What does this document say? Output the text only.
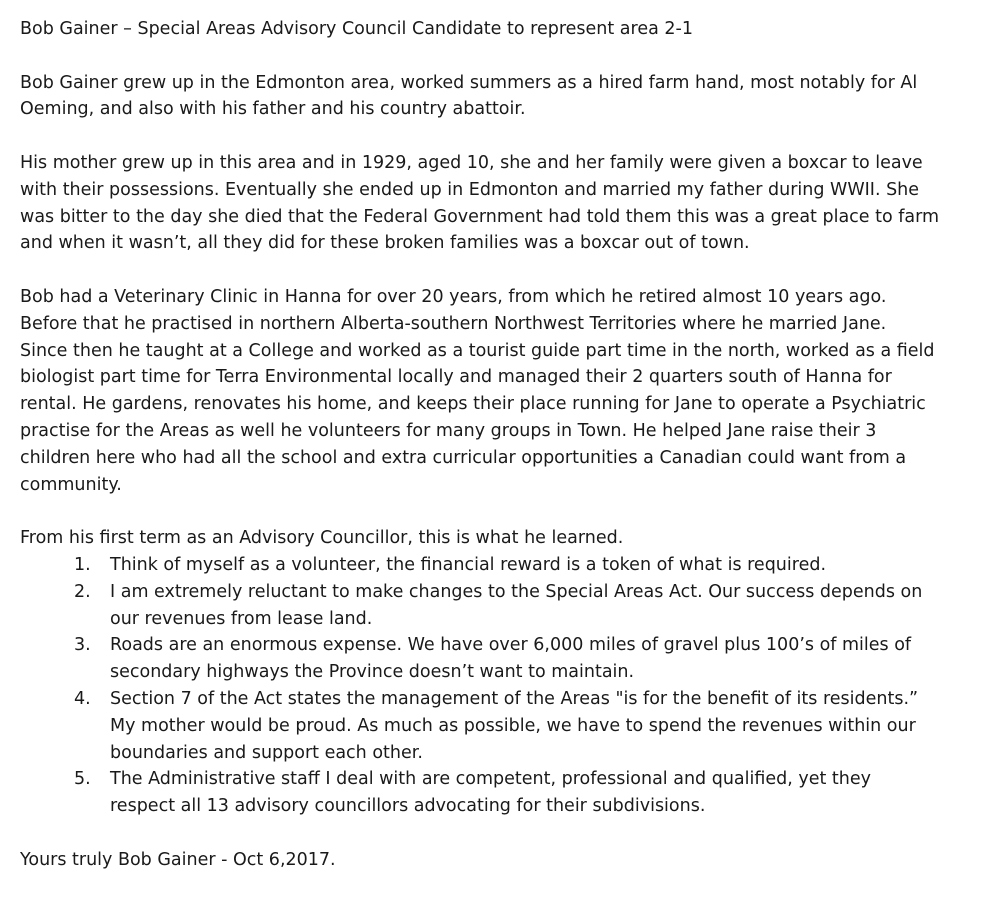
Bob Gainer – Special Areas Advisory Council Candidate to represent area 2-1

Bob Gainer grew up in the Edmonton area, worked summers as a hired farm hand, most notably for Al
Oeming, and also with his father and his country abattoir.

His mother grew up in this area and in 1929, aged 10, she and her family were given a boxcar to leave
with their possessions. Eventually she ended up in Edmonton and married my father during WWII. She
was bitter to the day she died that the Federal Government had told them this was a great place to farm
and when it wasn’t, all they did for these broken families was a boxcar out of town.

Bob had a Veterinary Clinic in Hanna for over 20 years, from which he retired almost 10 years ago.
Before that he practised in northern Alberta-southern Northwest Territories where he married Jane.
Since then he taught at a College and worked as a tourist guide part time in the north, worked as a field
biologist part time for Terra Environmental locally and managed their 2 quarters south of Hanna for
rental. He gardens, renovates his home, and keeps their place running for Jane to operate a Psychiatric
practise for the Areas as well he volunteers for many groups in Town. He helped Jane raise their 3
children here who had all the school and extra curricular opportunities a Canadian could want from a
community.

From his first term as an Advisory Councillor, this is what he learned.

1. Think of myself as a volunteer, the financial reward is a token of what is required.
2. I am extremely reluctant to make changes to the Special Areas Act. Our success depends on
our revenues from lease land.
3. Roads are an enormous expense. We have over 6,000 miles of gravel plus 100’s of miles of
secondary highways the Province doesn’t want to maintain.
4. Section 7 of the Act states the management of the Areas "is for the benefit of its residents.”
My mother would be proud. As much as possible, we have to spend the revenues within our
boundaries and support each other.
5. The Administrative staff I deal with are competent, professional and qualified, yet they
respect all 13 advisory councillors advocating for their subdivisions.

Yours truly Bob Gainer - Oct 6,2017.
